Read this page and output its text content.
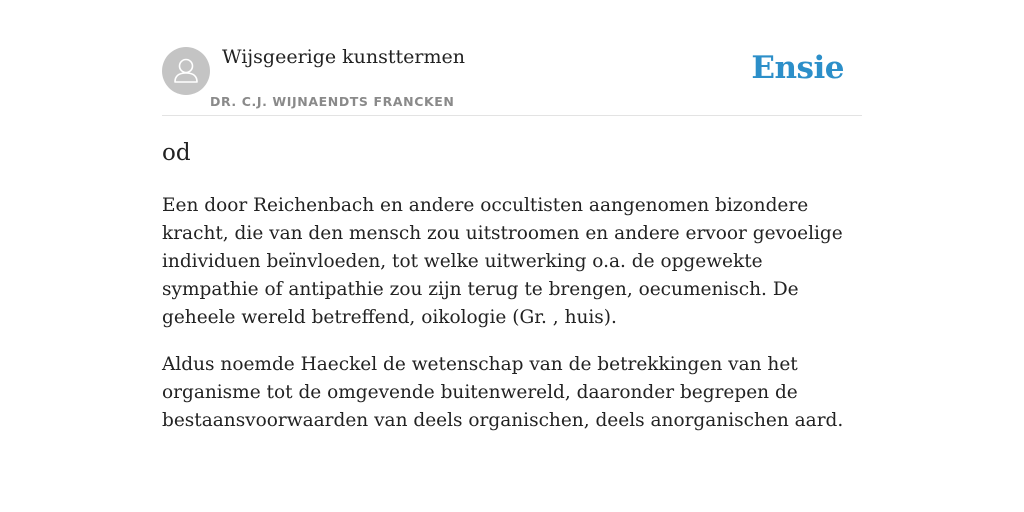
Wijsgeerige kunsttermen
DR. C.J. WIJNAENDTS FRANCKEN
Ensie
od

Een door Reichenbach en andere occultisten aangenomen bizondere kracht, die van den mensch zou uitstroomen en andere ervoor gevoelige individuen beïnvloeden, tot welke uitwerking o.a. de opgewekte sympathie of antipathie zou zijn terug te brengen, oecumenisch. De geheele wereld betreffend, oikologie (Gr. , huis).

Aldus noemde Haeckel de wetenschap van de betrekkingen van het organisme tot de omgevende buitenwereld, daaronder begrepen de bestaansvoorwaarden van deels organischen, deels anorganischen aard.
